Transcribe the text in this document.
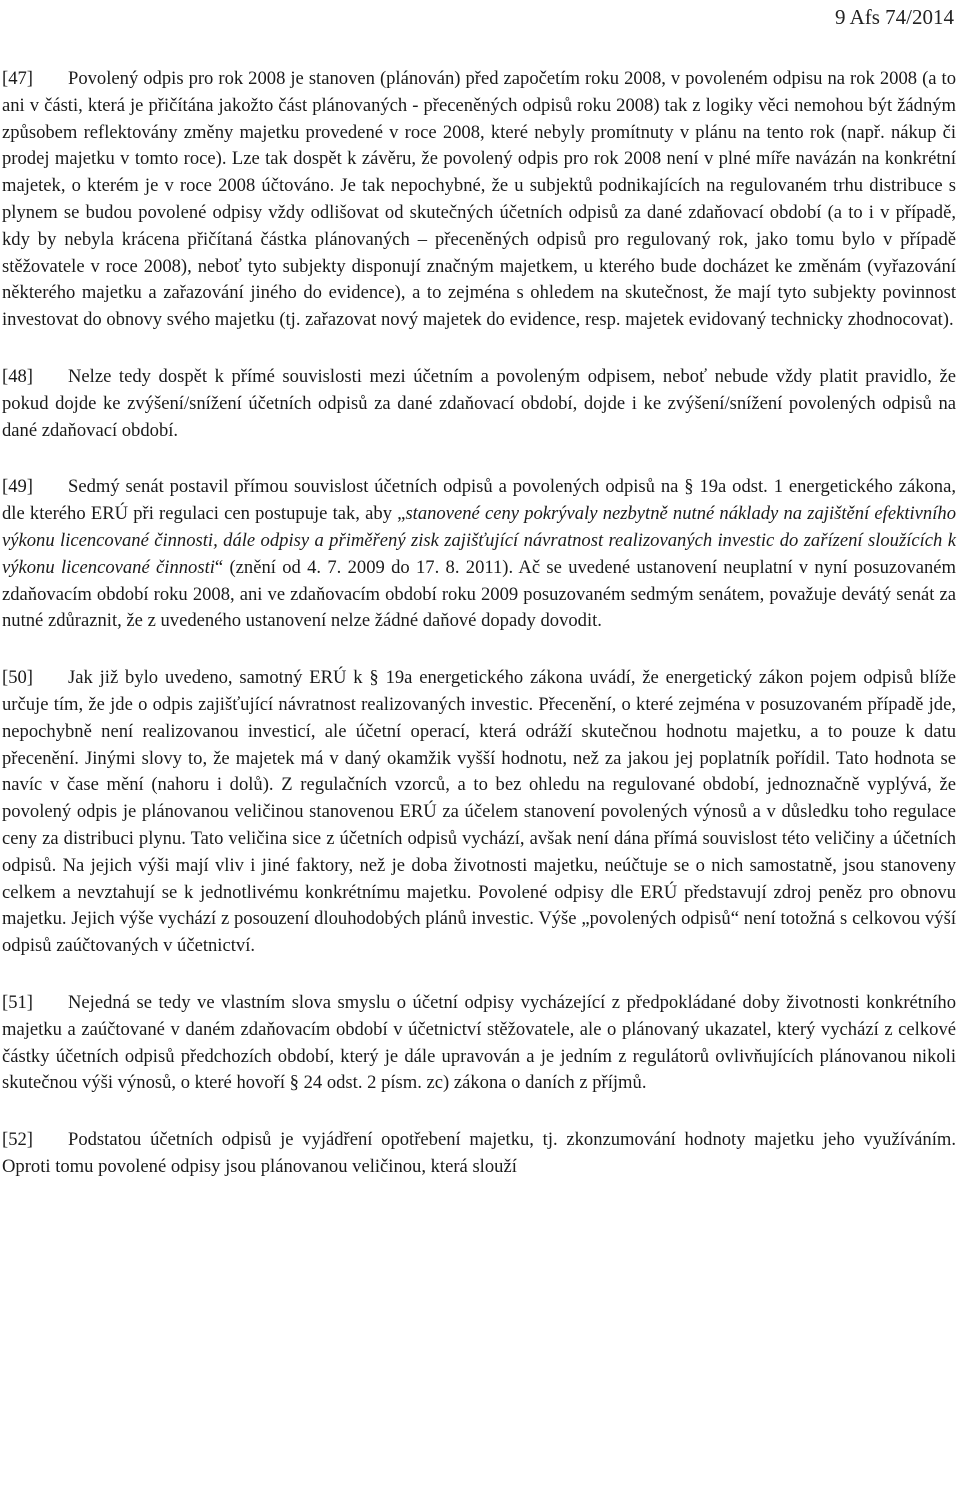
9 Afs 74/2014

[47] Povolený odpis pro rok 2008 je stanoven (plánován) před započetím roku 2008, v povoleném odpisu na rok 2008 (a to ani v části, která je přičítána jakožto část plánovaných - přeceněných odpisů roku 2008) tak z logiky věci nemohou být žádným způsobem reflektovány změny majetku provedené v roce 2008, které nebyly promítnuty v plánu na tento rok (např. nákup či prodej majetku v tomto roce). Lze tak dospět k závěru, že povolený odpis pro rok 2008 není v plné míře navázán na konkrétní majetek, o kterém je v roce 2008 účtováno. Je tak nepochybné, že u subjektů podnikajících na regulovaném trhu distribuce s plynem se budou povolené odpisy vždy odlišovat od skutečných účetních odpisů za dané zdaňovací období (a to i v případě, kdy by nebyla krácena přičítaná částka plánovaných – přeceněných odpisů pro regulovaný rok, jako tomu bylo v případě stěžovatele v roce 2008), neboť tyto subjekty disponují značným majetkem, u kterého bude docházet ke změnám (vyřazování některého majetku a zařazování jiného do evidence), a to zejména s ohledem na skutečnost, že mají tyto subjekty povinnost investovat do obnovy svého majetku (tj. zařazovat nový majetek do evidence, resp. majetek evidovaný technicky zhodnocovat).

[48] Nelze tedy dospět k přímé souvislosti mezi účetním a povoleným odpisem, neboť nebude vždy platit pravidlo, že pokud dojde ke zvýšení/snížení účetních odpisů za dané zdaňovací období, dojde i ke zvýšení/snížení povolených odpisů na dané zdaňovací období.

[49] Sedmý senát postavil přímou souvislost účetních odpisů a povolených odpisů na § 19a odst. 1 energetického zákona, dle kterého ERÚ při regulaci cen postupuje tak, aby „stanovené ceny pokrývaly nezbytně nutné náklady na zajištění efektivního výkonu licencované činnosti, dále odpisy a přiměřený zisk zajišťující návratnost realizovaných investic do zařízení sloužících k výkonu licencované činnosti“ (znění od 4. 7. 2009 do 17. 8. 2011). Ač se uvedené ustanovení neuplatní v nyní posuzovaném zdaňovacím období roku 2008, ani ve zdaňovacím období roku 2009 posuzovaném sedmým senátem, považuje devátý senát za nutné zdůraznit, že z uvedeného ustanovení nelze žádné daňové dopady dovodit.

[50] Jak již bylo uvedeno, samotný ERÚ k § 19a energetického zákona uvádí, že energetický zákon pojem odpisů blíže určuje tím, že jde o odpis zajišťující návratnost realizovaných investic. Přecenění, o které zejména v posuzovaném případě jde, nepochybně není realizovanou investicí, ale účetní operací, která odráží skutečnou hodnotu majetku, a to pouze k datu přecenění. Jinými slovy to, že majetek má v daný okamžik vyšší hodnotu, než za jakou jej poplatník pořídil. Tato hodnota se navíc v čase mění (nahoru i dolů). Z regulačních vzorců, a to bez ohledu na regulované období, jednoznačně vyplývá, že povolený odpis je plánovanou veličinou stanovenou ERÚ za účelem stanovení povolených výnosů a v důsledku toho regulace ceny za distribuci plynu. Tato veličina sice z účetních odpisů vychází, avšak není dána přímá souvislost této veličiny a účetních odpisů. Na jejich výši mají vliv i jiné faktory, než je doba životnosti majetku, neúčtuje se o nich samostatně, jsou stanoveny celkem a nevztahují se k jednotlivému konkrétnímu majetku. Povolené odpisy dle ERÚ představují zdroj peněz pro obnovu majetku. Jejich výše vychází z posouzení dlouhodobých plánů investic. Výše „povolených odpisů“ není totožná s celkovou výší odpisů zaúčtovaných v účetnictví.

[51] Nejedná se tedy ve vlastním slova smyslu o účetní odpisy vycházející z předpokládané doby životnosti konkrétního majetku a zaúčtované v daném zdaňovacím období v účetnictví stěžovatele, ale o plánovaný ukazatel, který vychází z celkové částky účetních odpisů předchozích období, který je dále upravován a je jedním z regulátorů ovlivňujících plánovanou nikoli skutečnou výši výnosů, o které hovoří § 24 odst. 2 písm. zc) zákona o daních z příjmů.

[52] Podstatou účetních odpisů je vyjádření opotřebení majetku, tj. zkonzumování hodnoty majetku jeho využíváním. Oproti tomu povolené odpisy jsou plánovanou veličinou, která slouží
